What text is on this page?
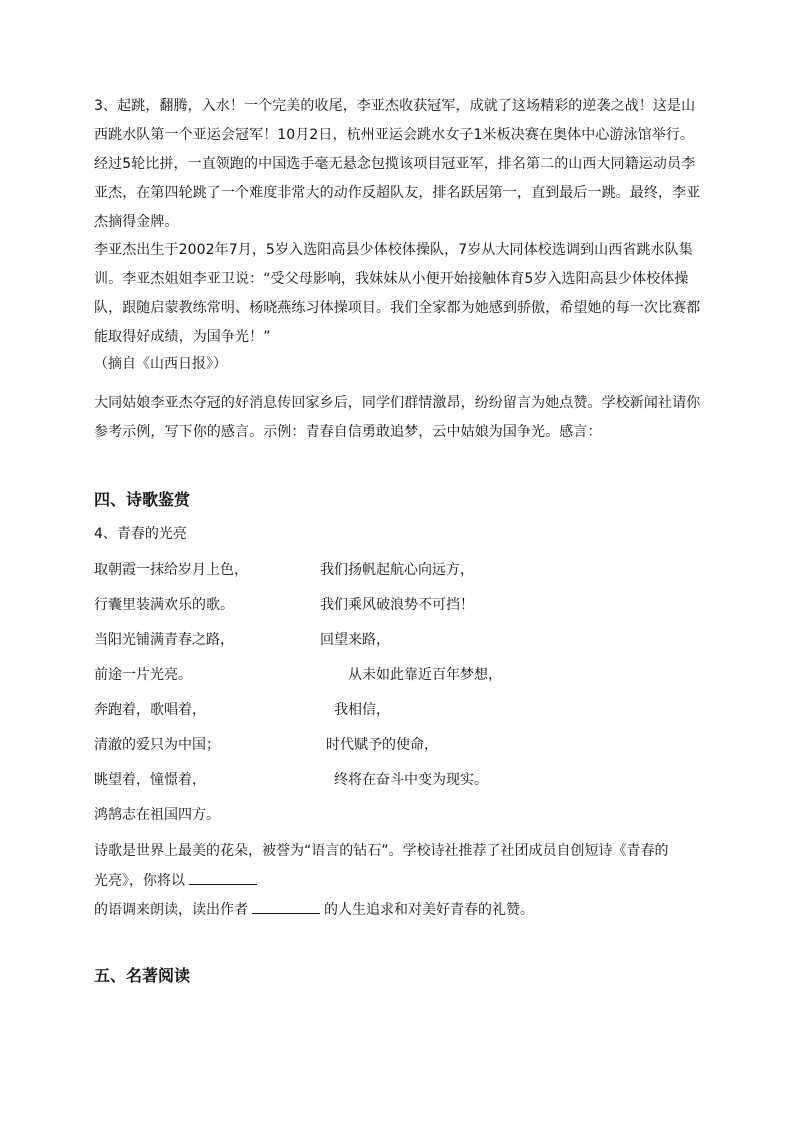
3、起跳，翻腾，入水！一个完美的收尾，李亚杰收获冠军，成就了这场精彩的逆袭之战！这是山西跳水队第一个亚运会冠军！10月2日，杭州亚运会跳水女子1米板决赛在奥体中心游泳馆举行。经过5轮比拼，一直领跑的中国选手毫无悬念包揽该项目冠亚军，排名第二的山西大同籍运动员李亚杰，在第四轮跳了一个难度非常大的动作反超队友，排名跃居第一，直到最后一跳。最终，李亚杰摘得金牌。
李亚杰出生于2002年7月，5岁入选阳高县少体校体操队，7岁从大同体校选调到山西省跳水队集训。李亚杰姐姐李亚卫说：“受父母影响，我妹妹从小便开始接触体育5岁入选阳高县少体校体操队，跟随启蒙教练常明、杨晓燕练习体操项目。我们全家都为她感到骄傲，希望她的每一次比赛都能取得好成绩，为国争光！”
（摘自《山西日报》）
大同姑娘李亚杰夺冠的好消息传回家乡后，同学们群情激昂，纷纷留言为她点赞。学校新闻社请你参考示例，写下你的感言。示例：青春自信勇敢追梦，云中姑娘为国争光。感言：
四、诗歌鉴赏
4、青春的光亮
取朝霞一抹给岁月上色，	我们扬帆起航心向远方，
行囊里装满欢乐的歌。	我们乘风破浪势不可挡！
当阳光铺满青春之路，	回望来路，
前途一片光亮。	从未如此靠近百年梦想，
奔跑着，歌唱着，	我相信，
清澈的爱只为中国；	时代赋予的使命，
眺望着，憧憬着，	终将在奋斗中变为现实。
鸿鹄志在祖国四方。
诗歌是世界上最美的花朵，被誉为“语言的钻石”。学校诗社推荐了社团成员自创短诗《青春的
光亮》，你将以
的语调来朗读，读出作者	的人生追求和对美好青春的礼赞。
五、名著阅读
